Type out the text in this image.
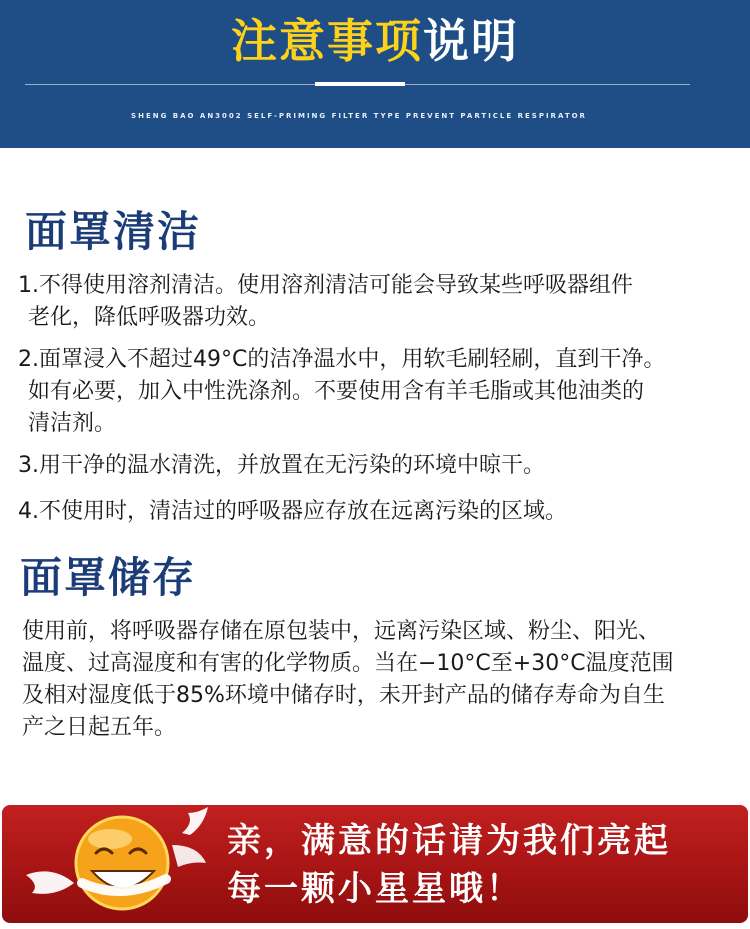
注意事项说明
SHENG BAO AN3002 SELF-PRIMING FILTER TYPE PREVENT PARTICLE RESPIRATOR
面罩清洁
1.不得使用溶剂清洁。使用溶剂清洁可能会导致某些呼吸器组件
老化，降低呼吸器功效。
2.面罩浸入不超过49°C的洁净温水中，用软毛刷轻刷，直到干净。
如有必要，加入中性洗涤剂。不要使用含有羊毛脂或其他油类的
清洁剂。
3.用干净的温水清洗，并放置在无污染的环境中晾干。
4.不使用时，清洁过的呼吸器应存放在远离污染的区域。
面罩储存
使用前，将呼吸器存储在原包装中，远离污染区域、粉尘、阳光、
温度、过高湿度和有害的化学物质。当在−10°C至+30°C温度范围
及相对湿度低于85%环境中储存时，未开封产品的储存寿命为自生
产之日起五年。
亲，满意的话请为我们亮起
每一颗小星星哦！
